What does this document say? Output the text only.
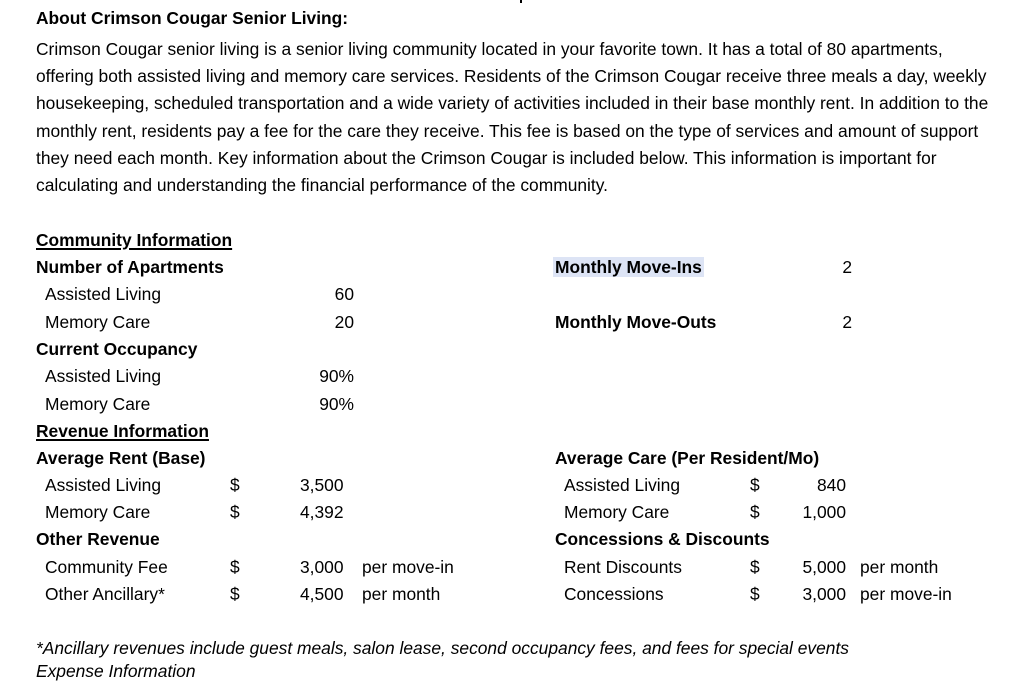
About Crimson Cougar Senior Living:
Crimson Cougar senior living is a senior living community located in your favorite town. It has a total of 80 apartments, offering both assisted living and memory care services. Residents of the Crimson Cougar receive three meals a day, weekly housekeeping, scheduled transportation and a wide variety of activities included in their base monthly rent. In addition to the monthly rent, residents pay a fee for the care they receive. This fee is based on the type of services and amount of support they need each month. Key information about the Crimson Cougar is included below. This information is important for calculating and understanding the financial performance of the community.
Community Information
Number of Apartments
Assisted Living	60
Memory Care	20
Current Occupancy
Assisted Living	90%
Memory Care	90%
Monthly Move-Ins	2
Monthly Move-Outs	2
Revenue Information
Average Rent (Base)
Assisted Living	$	3,500
Memory Care	$	4,392
Other Revenue
Community Fee	$	3,000 per move-in
Other Ancillary*	$	4,500 per month
Average Care (Per Resident/Mo)
Assisted Living	$	840
Memory Care	$	1,000
Concessions & Discounts
Rent Discounts	$	5,000 per month
Concessions	$	3,000 per move-in
*Ancillary revenues include guest meals, salon lease, second occupancy fees, and fees for special events
Expense Information
